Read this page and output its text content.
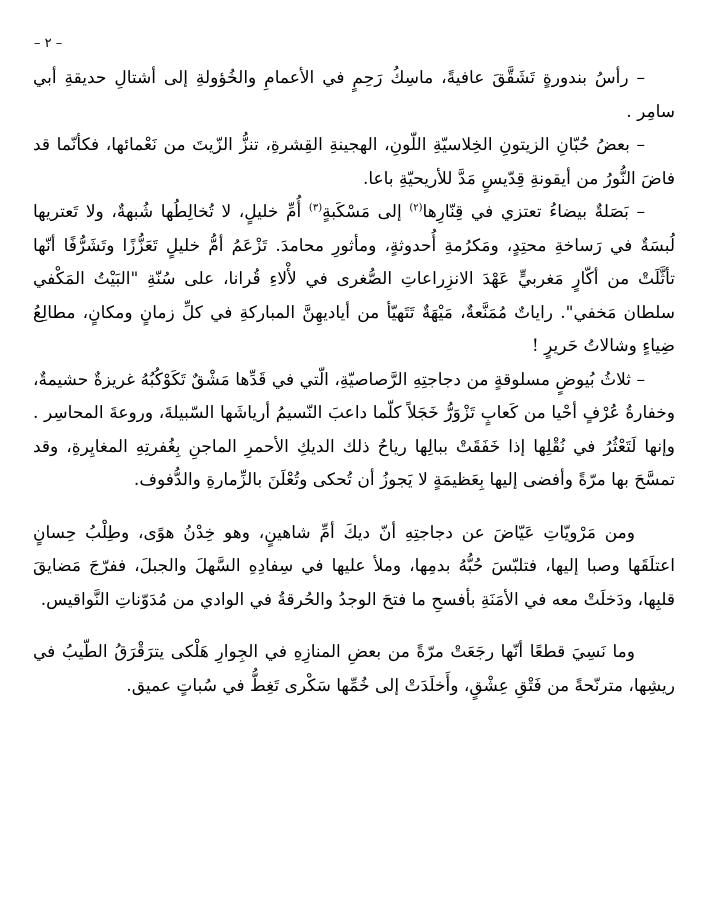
– ٢ –

– رأسُ بندورةٍ تَشَقَّقَ عافيةً، ماسِكُ رَحِمٍ في الأعمامِ والخُؤولةِ إلى أشتالِ حديقةِ أبي سامِر .

– بعضُ حُبّانِ الزيتونِ الخِلاسيّةِ اللّونِ، الهجينةِ القِشرةِ، تنزُّ الزّيتَ من نَعْمائها، فكأنّما قد فاضَ النُّورُ من أيقونةِ قِدّيسٍ مَدَّ للأريحيّةِ باعا.

– بَصَلةٌ بيضاءُ تعتزي في قِنّارِها$^{(٢)}$ إلى مَسْكَبةٍ$^{(٣)}$ أُمِّ خليلٍ، لا تُخالِطُها شُبهةٌ، ولا تَعتريها لُبسَةٌ في رَساخةِ محتِدٍ، ومَكرُمةِ أُحدوثةٍ، ومأثورِ محامدَ. تَزْعَمُ أمُّ خليلٍ تَعَزُّزًا وتَشَرُّفًا أنّها تأثَّلَتْ من أكّارٍ مَغربيٍّ عَهْدَ الانزِراعاتِ الصُّغرى في لأْلاءِ قُرانا، على سُنّةِ "البَيْتُ المَكْفي سلطان مَخفي". راياتٌ مُمَنَّعةٌ، مَيْهَةٌ تَتَهيّأ من أياديهِنَّ المباركةِ في كلِّ زمانٍ ومكانٍ، مطالِعُ ضِياءٍ وشالاتُ حَريرٍ !

– ثلاثُ بُيوضٍ مسلوقةٍ من دجاجتِهِ الرَّصاصيّةِ، الّتي في قَدِّها مَشْقٌ تَكَوْكُبُهُ غريزةٌ حشيمةٌ، وخفارةُ عُرْفٍ أحْيا من كَعابٍ تَزْوَرُّ خَجَلاً كلّما داعبَ النّسيمُ أرياشَها السّبيلةَ، وروعةَ المحاسِر . وإنها لَتَعْثُرُ في نُقْلِها إذا خَفَقَتْ ببالِها رياحُ ذلك الديكِ الأحمرِ الماجنِ بِغُفرتِهِ المغايِرةِ، وقد تمسَّحَ بها مرّةً وأفضى إليها بِعَظيمَةٍ لا يَجوزُ أن تُحكى وتُعْلَنَ بالزِّمارةِ والدُّفوف.

ومن مَرْويّاتِ عَيّاضَ عن دجاجتِهِ أنّ ديكَ أمِّ شاهينٍ، وهو خِدْنُ هوًى، وطِلْبُ حِسانٍ اعتلَقَها وصبا إليها، فتلبّسَ حُبُّهُ بدمِها، وملأ عليها في سِفادِهِ السَّهلَ والجبلَ، ففرّجَ مَضايقَ قلبِها، ودَخلَتْ معه في الأمَنَةِ بأفسحِ ما فتحَ الوجدُ والحُرقةُ في الوادي من مُدَوّناتِ النَّواقيس.

وما نَسِيَ قطعًا أنّها رجَعَتْ مرّةً من بعضِ المنازِهِ في الجِوارِ هَلْكى يترَقْرَقُ الطّيبُ في ريشِها، مترنّحةً من فَتْقِ عِشْقٍ، وأَخلَدَتْ إلى خُمِّها سَكْرى تَغِطُّ في سُباتٍ عميق.
